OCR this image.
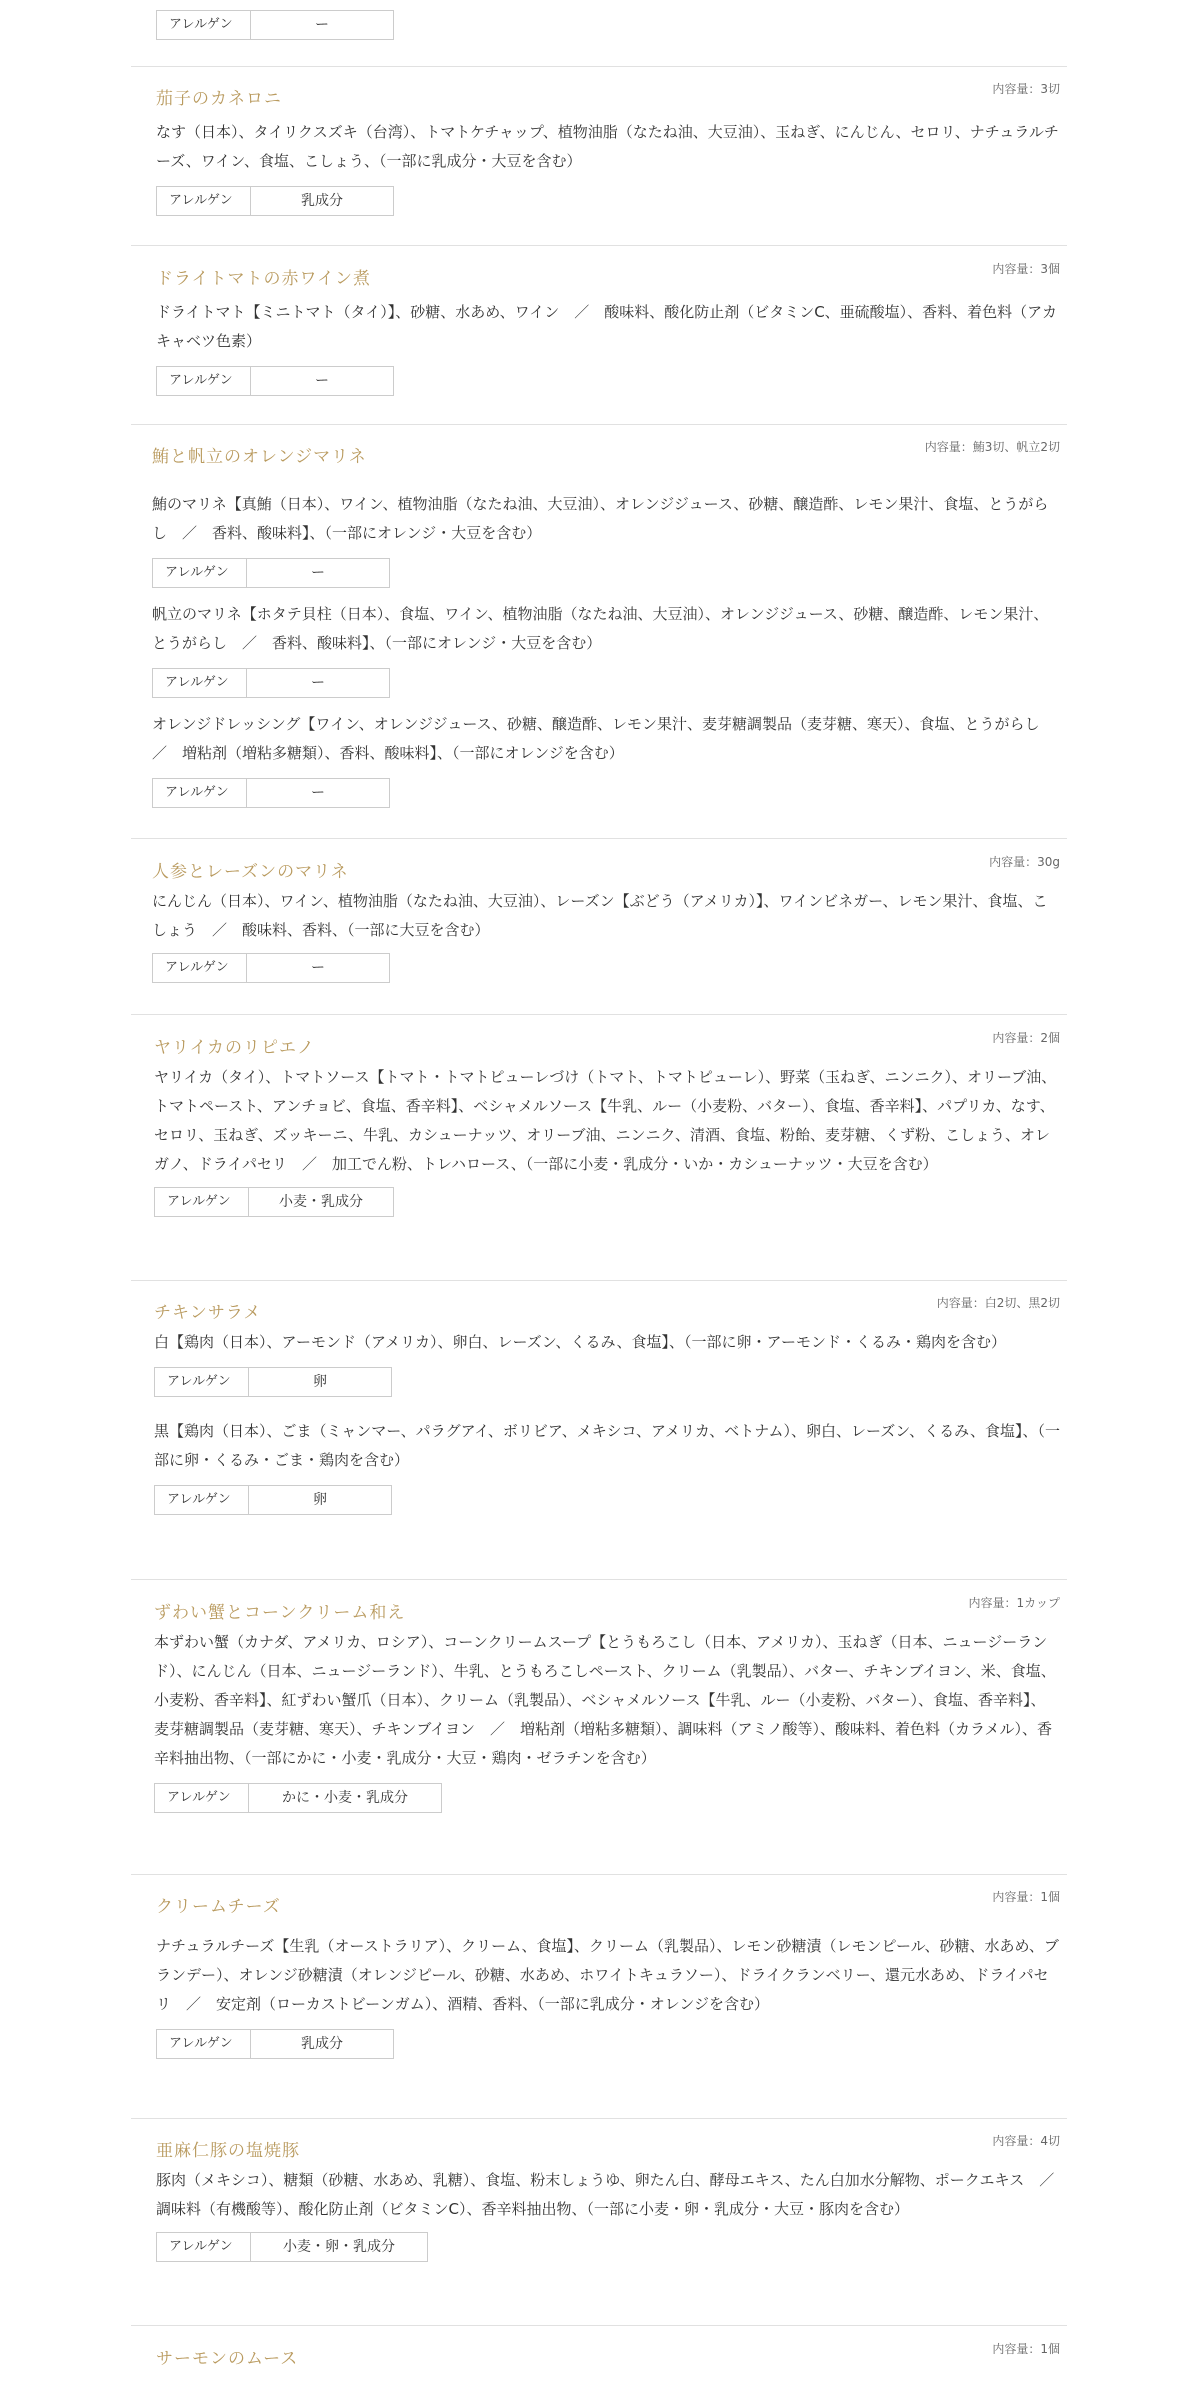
アレルゲン	ー
茄子のカネロニ	内容量：3切

なす（日本）、タイリクスズキ（台湾）、トマトケチャップ、植物油脂（なたね油、大豆油）、玉ねぎ、にんじん、セロリ、ナチュラルチーズ、ワイン、食塩、こしょう、（一部に乳成分・大豆を含む）

アレルゲン	乳成分
ドライトマトの赤ワイン煮	内容量：3個

ドライトマト【ミニトマト（タイ）】、砂糖、水あめ、ワイン　／　酸味料、酸化防止剤（ビタミンC、亜硫酸塩）、香料、着色料（アカキャベツ色素）

アレルゲン	ー
鮪と帆立のオレンジマリネ	内容量：鮪3切、帆立2切

鮪のマリネ【真鮪（日本）、ワイン、植物油脂（なたね油、大豆油）、オレンジジュース、砂糖、醸造酢、レモン果汁、食塩、とうがらし　／　香料、酸味料】、（一部にオレンジ・大豆を含む）

アレルゲン	ー

帆立のマリネ【ホタテ貝柱（日本）、食塩、ワイン、植物油脂（なたね油、大豆油）、オレンジジュース、砂糖、醸造酢、レモン果汁、とうがらし　／　香料、酸味料】、（一部にオレンジ・大豆を含む）

アレルゲン	ー

オレンジドレッシング【ワイン、オレンジジュース、砂糖、醸造酢、レモン果汁、麦芽糖調製品（麦芽糖、寒天）、食塩、とうがらし　／　増粘剤（増粘多糖類）、香料、酸味料】、（一部にオレンジを含む）

アレルゲン	ー
人参とレーズンのマリネ	内容量：30g

にんじん（日本）、ワイン、植物油脂（なたね油、大豆油）、レーズン【ぶどう（アメリカ）】、ワインビネガー、レモン果汁、食塩、こしょう　／　酸味料、香料、（一部に大豆を含む）

アレルゲン	ー
ヤリイカのリピエノ	内容量：2個

ヤリイカ（タイ）、トマトソース【トマト・トマトピューレづけ（トマト、トマトピューレ）、野菜（玉ねぎ、ニンニク）、オリーブ油、トマトペースト、アンチョビ、食塩、香辛料】、ベシャメルソース【牛乳、ルー（小麦粉、バター）、食塩、香辛料】、パプリカ、なす、セロリ、玉ねぎ、ズッキーニ、牛乳、カシューナッツ、オリーブ油、ニンニク、清酒、食塩、粉飴、麦芽糖、くず粉、こしょう、オレガノ、ドライパセリ　／　加工でん粉、トレハロース、（一部に小麦・乳成分・いか・カシューナッツ・大豆を含む）

アレルゲン	小麦・乳成分
チキンサラメ	内容量：白2切、黒2切

白【鶏肉（日本）、アーモンド（アメリカ）、卵白、レーズン、くるみ、食塩】、（一部に卵・アーモンド・くるみ・鶏肉を含む）

アレルゲン	卵

黒【鶏肉（日本）、ごま（ミャンマー、パラグアイ、ボリビア、メキシコ、アメリカ、ベトナム）、卵白、レーズン、くるみ、食塩】、（一部に卵・くるみ・ごま・鶏肉を含む）

アレルゲン	卵
ずわい蟹とコーンクリーム和え	内容量：1カップ

本ずわい蟹（カナダ、アメリカ、ロシア）、コーンクリームスープ【とうもろこし（日本、アメリカ）、玉ねぎ（日本、ニュージーランド）、にんじん（日本、ニュージーランド）、牛乳、とうもろこしペースト、クリーム（乳製品）、バター、チキンブイヨン、米、食塩、小麦粉、香辛料】、紅ずわい蟹爪（日本）、クリーム（乳製品）、ベシャメルソース【牛乳、ルー（小麦粉、バター）、食塩、香辛料】、麦芽糖調製品（麦芽糖、寒天）、チキンブイヨン　／　増粘剤（増粘多糖類）、調味料（アミノ酸等）、酸味料、着色料（カラメル）、香辛料抽出物、（一部にかに・小麦・乳成分・大豆・鶏肉・ゼラチンを含む）

アレルゲン	かに・小麦・乳成分
クリームチーズ	内容量：1個

ナチュラルチーズ【生乳（オーストラリア）、クリーム、食塩】、クリーム（乳製品）、レモン砂糖漬（レモンピール、砂糖、水あめ、ブランデー）、オレンジ砂糖漬（オレンジピール、砂糖、水あめ、ホワイトキュラソー）、ドライクランベリー、還元水あめ、ドライパセリ　／　安定剤（ローカストビーンガム）、酒精、香料、（一部に乳成分・オレンジを含む）

アレルゲン	乳成分
亜麻仁豚の塩焼豚	内容量：4切

豚肉（メキシコ）、糖類（砂糖、水あめ、乳糖）、食塩、粉末しょうゆ、卵たん白、酵母エキス、たん白加水分解物、ポークエキス　／　調味料（有機酸等）、酸化防止剤（ビタミンC）、香辛料抽出物、（一部に小麦・卵・乳成分・大豆・豚肉を含む）

アレルゲン	小麦・卵・乳成分
サーモンのムース	内容量：1個
